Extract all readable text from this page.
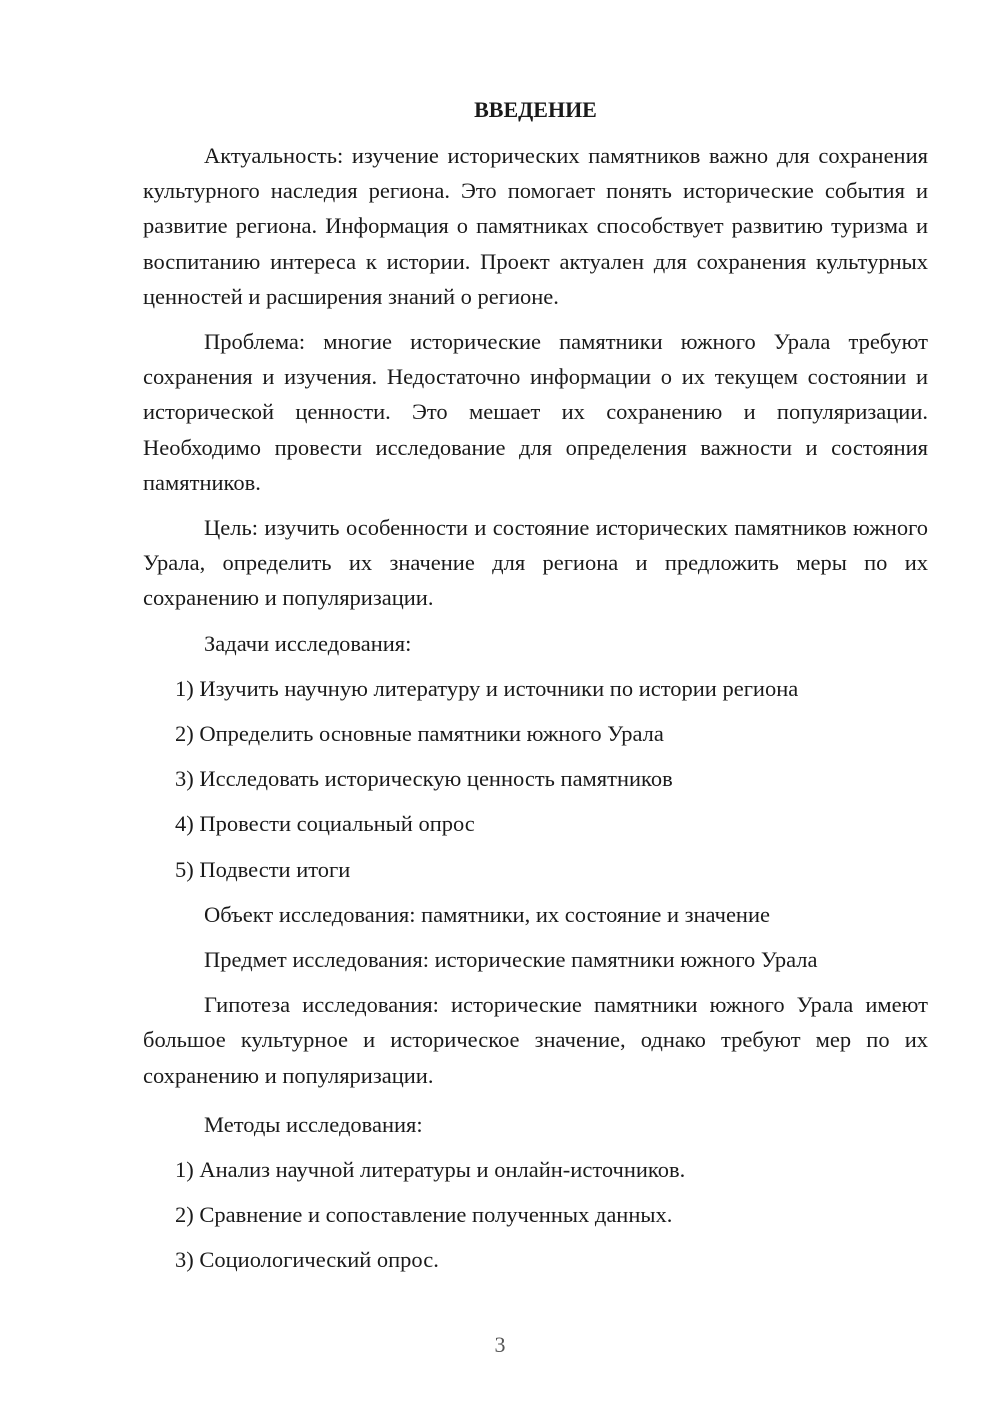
ВВЕДЕНИЕ

Актуальность: изучение исторических памятников важно для сохранения культурного наследия региона. Это помогает понять исторические события и развитие региона. Информация о памятниках способствует развитию туризма и воспитанию интереса к истории. Проект актуален для сохранения культурных ценностей и расширения знаний о регионе.

Проблема: многие исторические памятники южного Урала требуют сохранения и изучения. Недостаточно информации о их текущем состоянии и исторической ценности. Это мешает их сохранению и популяризации. Необходимо провести исследование для определения важности и состояния памятников.

Цель: изучить особенности и состояние исторических памятников южного Урала, определить их значение для региона и предложить меры по их сохранению и популяризации.

Задачи исследования:

1) Изучить научную литературу и источники по истории региона

2) Определить основные памятники южного Урала

3) Исследовать историческую ценность памятников

4) Провести социальный опрос

5) Подвести итоги

Объект исследования: памятники, их состояние и значение

Предмет исследования: исторические памятники южного Урала

Гипотеза исследования: исторические памятники южного Урала имеют большое культурное и историческое значение, однако требуют мер по их сохранению и популяризации.

Методы исследования:

1) Анализ научной литературы и онлайн-источников.

2) Сравнение и сопоставление полученных данных.

3) Социологический опрос.

3
